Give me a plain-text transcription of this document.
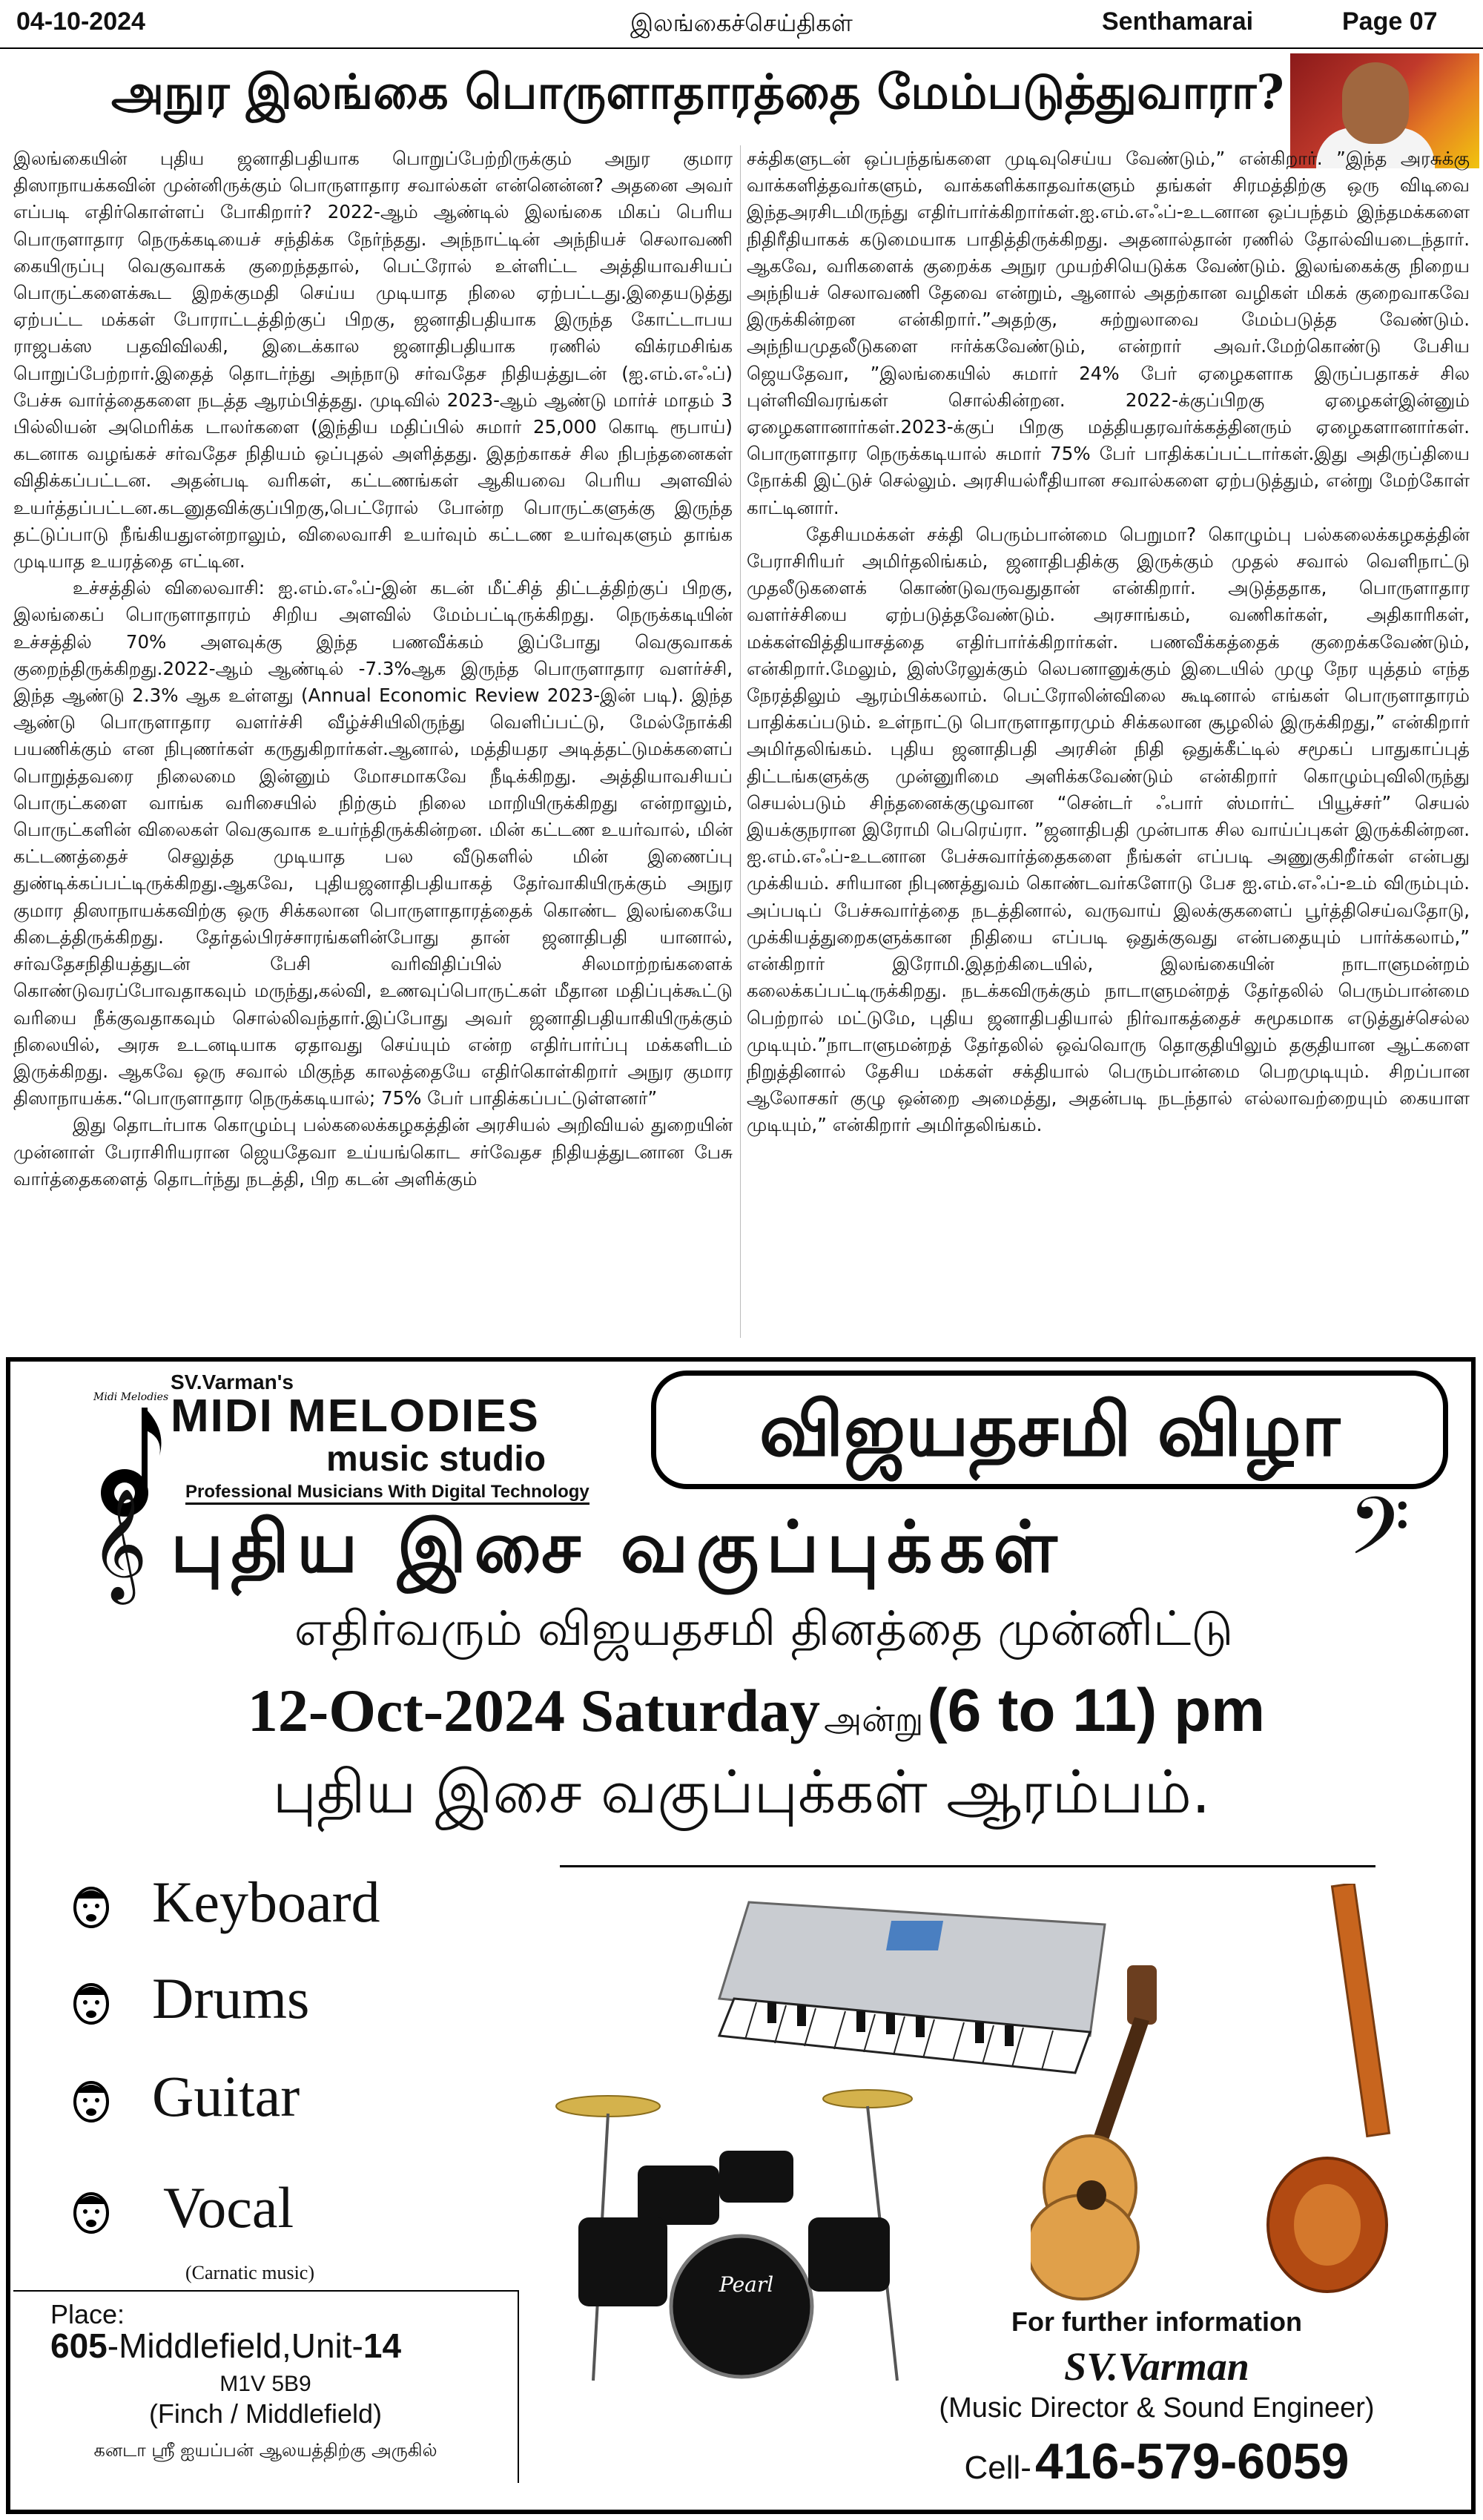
04-10-2024	இலங்கைச்செய்திகள்	Senthamarai	Page 07
அநுர இலங்கை பொருளாதாரத்தை மேம்படுத்துவாரா?

இலங்கையின் புதிய ஜனாதிபதியாக பொறுப்பேற்றிருக்கும் அநுர குமார திஸாநாயக்கவின் முன்னிருக்கும் பொருளாதார சவால்கள் என்னென்ன? அதனை அவர் எப்படி எதிர்கொள்ளப் போகிறார்? 2022-ஆம் ஆண்டில் இலங்கை மிகப் பெரிய பொருளாதார நெருக்கடியைச் சந்திக்க நேர்ந்தது. அந்நாட்டின் அந்நியச் செலாவணி கையிருப்பு வெகுவாகக் குறைந்ததால், பெட்ரோல் உள்ளிட்ட அத்தியாவசியப் பொருட்களைக்கூட இறக்குமதி செய்ய முடியாத நிலை ஏற்பட்டது.இதையடுத்து ஏற்பட்ட மக்கள் போராட்டத்திற்குப் பிறகு, ஜனாதிபதியாக இருந்த கோட்டாபய ராஜபக்ஸ பதவிவிலகி, இடைக்கால ஜனாதிபதியாக ரணில் விக்ரமசிங்க பொறுப்பேற்றார்.இதைத் தொடர்ந்து அந்நாடு சர்வதேச நிதியத்துடன் (ஐ.எம்.எஃப்) பேச்சு வார்த்தைகளை நடத்த ஆரம்பித்தது. முடிவில் 2023-ஆம் ஆண்டு மார்ச் மாதம் 3 பில்லியன் அமெரிக்க டாலர்களை (இந்திய மதிப்பில் சுமார் 25,000 கொடி ரூபாய்) கடனாக வழங்கச் சர்வதேச நிதியம் ஒப்புதல் அளித்தது. இதற்காகச் சில நிபந்தனைகள் விதிக்கப்பட்டன. அதன்படி வரிகள், கட்டணங்கள் ஆகியவை பெரிய அளவில் உயர்த்தப்பட்டன.கடனுதவிக்குப்பிறகு,பெட்ரோல் போன்ற பொருட்களுக்கு இருந்த தட்டுப்பாடு நீங்கியதுஎன்றாலும், விலைவாசி உயர்வும் கட்டண உயர்வுகளும் தாங்க முடியாத உயரத்தை எட்டின.

உச்சத்தில் விலைவாசி: ஐ.எம்.எஃப்-இன் கடன் மீட்சித் திட்டத்திற்குப் பிறகு, இலங்கைப் பொருளாதாரம் சிறிய அளவில் மேம்பட்டிருக்கிறது. நெருக்கடியின் உச்சத்தில் 70% அளவுக்கு இந்த பணவீக்கம் இப்போது வெகுவாகக் குறைந்திருக்கிறது.2022-ஆம் ஆண்டில் -7.3%ஆக இருந்த பொருளாதார வளர்ச்சி, இந்த ஆண்டு 2.3% ஆக உள்ளது (Annual Economic Review 2023-இன் படி). இந்த ஆண்டு பொருளாதார வளர்ச்சி வீழ்ச்சியிலிருந்து வெளிப்பட்டு, மேல்நோக்கி பயணிக்கும் என நிபுணர்கள் கருதுகிறார்கள்.ஆனால், மத்தியதர அடித்தட்டுமக்களைப் பொறுத்தவரை நிலைமை இன்னும் மோசமாகவே நீடிக்கிறது. அத்தியாவசியப் பொருட்களை வாங்க வரிசையில் நிற்கும் நிலை மாறியிருக்கிறது என்றாலும், பொருட்களின் விலைகள் வெகுவாக உயர்ந்திருக்கின்றன. மின் கட்டண உயர்வால், மின் கட்டணத்தைச் செலுத்த முடியாத பல வீடுகளில் மின் இணைப்பு துண்டிக்கப்பட்டிருக்கிறது.ஆகவே, புதியஜனாதிபதியாகத் தேர்வாகியிருக்கும் அநுர குமார திஸாநாயக்கவிற்கு ஒரு சிக்கலான பொருளாதாரத்தைக் கொண்ட இலங்கையே கிடைத்திருக்கிறது. தேர்தல்பிரச்சாரங்களின்போது தான் ஜனாதிபதி யானால், சர்வதேசநிதியத்துடன் பேசி வரிவிதிப்பில் சிலமாற்றங்களைக் கொண்டுவரப்போவதாகவும் மருந்து,கல்வி, உணவுப்பொருட்கள் மீதான மதிப்புக்கூட்டு வரியை நீக்குவதாகவும் சொல்லிவந்தார்.இப்போது அவர் ஜனாதிபதியாகியிருக்கும் நிலையில், அரசு உடனடியாக ஏதாவது செய்யும் என்ற எதிர்பார்ப்பு மக்களிடம் இருக்கிறது. ஆகவே ஒரு சவால் மிகுந்த காலத்தையே எதிர்கொள்கிறார் அநுர குமார திஸாநாயக்க.“பொருளாதார நெருக்கடியால்; 75% பேர் பாதிக்கப்பட்டுள்ளனர்”

இது தொடர்பாக கொழும்பு பல்கலைக்கழகத்தின் அரசியல் அறிவியல் துறையின் முன்னாள் பேராசிரியரான ஜெயதேவா உய்யங்கொட சர்வேதச நிதியத்துடனான பேசு வார்த்தைகளைத் தொடர்ந்து நடத்தி, பிற கடன் அளிக்கும்

சக்திகளுடன் ஒப்பந்தங்களை முடிவுசெய்ய வேண்டும்,” என்கிறார். ”இந்த அரசுக்கு வாக்களித்தவர்களும், வாக்களிக்காதவர்களும் தங்கள் சிரமத்திற்கு ஒரு விடிவை இந்தஅரசிடமிருந்து எதிர்பார்க்கிறார்கள்.ஐ.எம்.எஃப்-உடனான ஒப்பந்தம் இந்தமக்களை நிதிரீதியாகக் கடுமையாக பாதித்திருக்கிறது. அதனால்தான் ரணில் தோல்வியடைந்தார். ஆகவே, வரிகளைக் குறைக்க அநுர முயற்சியெடுக்க வேண்டும். இலங்கைக்கு நிறைய அந்நியச் செலாவணி தேவை என்றும், ஆனால் அதற்கான வழிகள் மிகக் குறைவாகவே இருக்கின்றன என்கிறார்.”அதற்கு, சுற்றுலாவை மேம்படுத்த வேண்டும். அந்நியமுதலீடுகளை ஈர்க்கவேண்டும், என்றார் அவர்.மேற்கொண்டு பேசிய ஜெயதேவா, ”இலங்கையில் சுமார் 24% பேர் ஏழைகளாக இருப்பதாகச் சில புள்ளிவிவரங்கள் சொல்கின்றன. 2022-க்குப்பிறகு ஏழைகள்இன்னும் ஏழைகளானார்கள்.2023-க்குப் பிறகு மத்தியதரவர்க்கத்தினரும் ஏழைகளானார்கள். பொருளாதார நெருக்கடியால் சுமார் 75% பேர் பாதிக்கப்பட்டார்கள்.இது அதிருப்தியை நோக்கி இட்டுச் செல்லும். அரசியல்ரீதியான சவால்களை ஏற்படுத்தும், என்று மேற்கோள் காட்டினார்.

தேசியமக்கள் சக்தி பெரும்பான்மை பெறுமா? கொழும்பு பல்கலைக்கழகத்தின் பேராசிரியர் அமிர்தலிங்கம், ஜனாதிபதிக்கு இருக்கும் முதல் சவால் வெளிநாட்டு முதலீடுகளைக் கொண்டுவருவதுதான் என்கிறார். அடுத்ததாக, பொருளாதார வளர்ச்சியை ஏற்படுத்தவேண்டும். அரசாங்கம், வணிகர்கள், அதிகாரிகள், மக்கள்வித்தியாசத்தை எதிர்பார்க்கிறார்கள். பணவீக்கத்தைக் குறைக்கவேண்டும், என்கிறார்.மேலும், இஸ்ரேலுக்கும் லெபனானுக்கும் இடையில் முழு நேர யுத்தம் எந்த நேரத்திலும் ஆரம்பிக்கலாம். பெட்ரோலின்விலை கூடினால் எங்கள் பொருளாதாரம் பாதிக்கப்படும். உள்நாட்டு பொருளாதாரமும் சிக்கலான சூழலில் இருக்கிறது,” என்கிறார் அமிர்தலிங்கம். புதிய ஜனாதிபதி அரசின் நிதி ஒதுக்கீட்டில் சமூகப் பாதுகாப்புத் திட்டங்களுக்கு முன்னுரிமை அளிக்கவேண்டும் என்கிறார் கொழும்புவிலிருந்து செயல்படும் சிந்தனைக்குழுவான “சென்டர் ஃபார் ஸ்மார்ட் பியூச்சர்” செயல் இயக்குநரான இரோமி பெரெய்ரா. ”ஜனாதிபதி முன்பாக சில வாய்ப்புகள் இருக்கின்றன. ஐ.எம்.எஃப்-உடனான பேச்சுவார்த்தைகளை நீங்கள் எப்படி அணுகுகிறீர்கள் என்பது முக்கியம். சரியான நிபுணத்துவம் கொண்டவர்களோடு பேச ஐ.எம்.எஃப்-உம் விரும்பும். அப்படிப் பேச்சுவார்த்தை நடத்தினால், வருவாய் இலக்குகளைப் பூர்த்திசெய்வதோடு, முக்கியத்துறைகளுக்கான நிதியை எப்படி ஒதுக்குவது என்பதையும் பார்க்கலாம்,” என்கிறார் இரோமி.இதற்கிடையில், இலங்கையின் நாடாளுமன்றம் கலைக்கப்பட்டிருக்கிறது. நடக்கவிருக்கும் நாடாளுமன்றத் தேர்தலில் பெரும்பான்மை பெற்றால் மட்டுமே, புதிய ஜனாதிபதியால் நிர்வாகத்தைச் சுமூகமாக எடுத்துச்செல்ல முடியும்.”நாடாளுமன்றத் தேர்தலில் ஒவ்வொரு தொகுதியிலும் தகுதியான ஆட்களை நிறுத்தினால் தேசிய மக்கள் சக்தியால் பெரும்பான்மை பெறமுடியும். சிறப்பான ஆலோசகர் குழு ஒன்றை அமைத்து, அதன்படி நடந்தால் எல்லாவற்றையும் கையாள முடியும்,” என்கிறார் அமிர்தலிங்கம்.

Midi Melodies
SV.Varman's
MIDI MELODIES
music studio
Professional Musicians With Digital Technology
விஜயதசமி விழா
𝄞 புதிய இசை வகுப்புக்கள்	𝄢
எதிர்வரும் விஜயதசமி தினத்தை முன்னிட்டு
12-Oct-2024 Saturday அன்று (6 to 11) pm
புதிய இசை வகுப்புக்கள் ஆரம்பம்.
Keyboard
Drums
Guitar
Vocal
(Carnatic music)	Pearl
Place:
605-Middlefield,Unit-14
M1V 5B9
(Finch / Middlefield)
கனடா ஸ்ரீ ஐயப்பன் ஆலயத்திற்கு அருகில்
For further information
SV.Varman
(Music Director & Sound Engineer)
Cell- 416-579-6059
